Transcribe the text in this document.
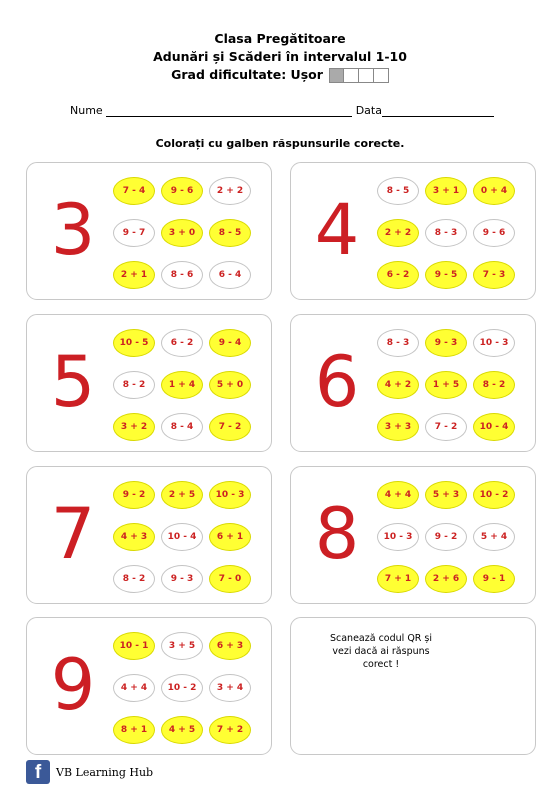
Clasa Pregătitoare
Adunări și Scăderi în intervalul 1-10
Grad dificultate: Ușor
Nume	Data
Colorați cu galben răspunsurile corecte.
3	7 - 4	9 - 6	2 + 2
9 - 7	3 + 0	8 - 5
2 + 1	8 - 6	6 - 4
4	8 - 5	3 + 1	0 + 4
2 + 2	8 - 3	9 - 6
6 - 2	9 - 5	7 - 3
5	10 - 5	6 - 2	9 - 4
8 - 2	1 + 4	5 + 0
3 + 2	8 - 4	7 - 2
6	8 - 3	9 - 3	10 - 3
4 + 2	1 + 5	8 - 2
3 + 3	7 - 2	10 - 4
7	9 - 2	2 + 5	10 - 3
4 + 3	10 - 4	6 + 1
8 - 2	9 - 3	7 - 0
8	4 + 4	5 + 3	10 - 2
10 - 3	9 - 2	5 + 4
7 + 1	2 + 6	9 - 1
9	10 - 1	3 + 5	6 + 3
4 + 4	10 - 2	3 + 4
8 + 1	4 + 5	7 + 2
Scanează codul QR și
vezi dacă ai răspuns
corect !
f	VB Learning Hub
